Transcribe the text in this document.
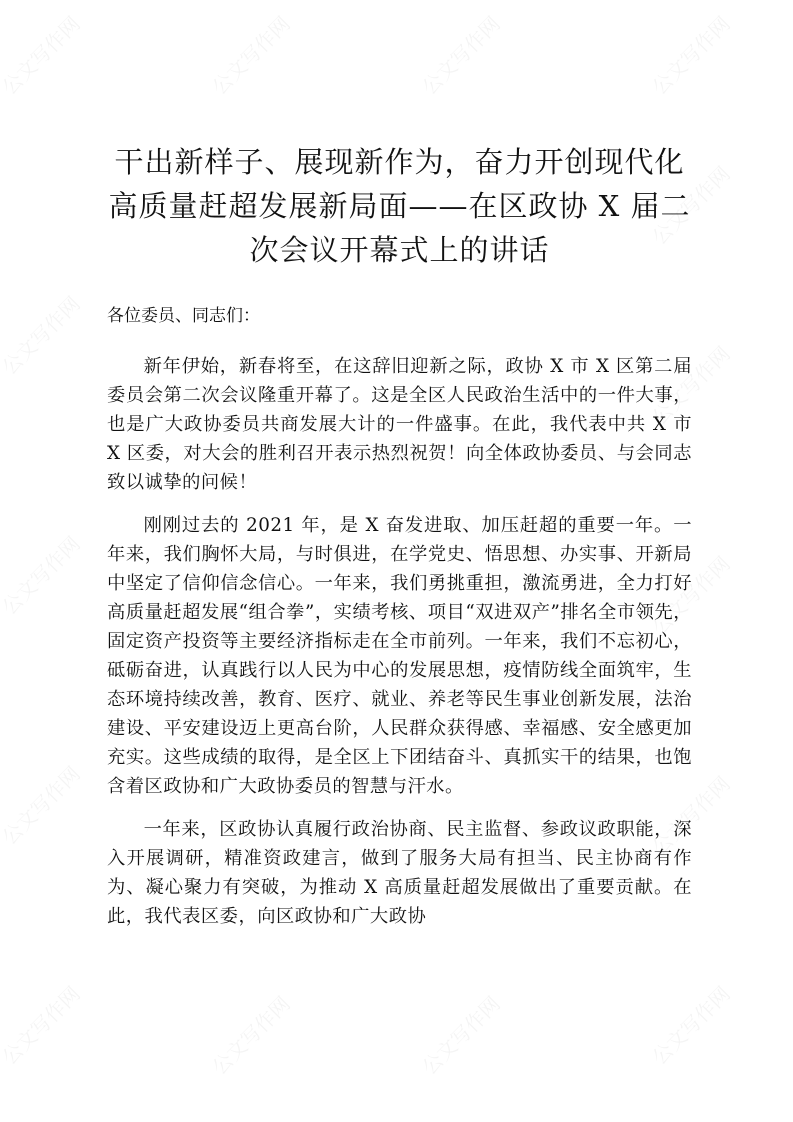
干出新样子、展现新作为，奋力开创现代化高质量赶超发展新局面——在区政协 X 届二次会议开幕式上的讲话

各位委员、同志们：

新年伊始，新春将至，在这辞旧迎新之际，政协 X 市 X 区第二届委员会第二次会议隆重开幕了。这是全区人民政治生活中的一件大事，也是广大政协委员共商发展大计的一件盛事。在此，我代表中共 X 市 X 区委，对大会的胜利召开表示热烈祝贺！向全体政协委员、与会同志致以诚挚的问候！

刚刚过去的 2021 年，是 X 奋发进取、加压赶超的重要一年。一年来，我们胸怀大局，与时俱进，在学党史、悟思想、办实事、开新局中坚定了信仰信念信心。一年来，我们勇挑重担，激流勇进，全力打好高质量赶超发展“组合拳”，实绩考核、项目“双进双产”排名全市领先，固定资产投资等主要经济指标走在全市前列。一年来，我们不忘初心，砥砺奋进，认真践行以人民为中心的发展思想，疫情防线全面筑牢，生态环境持续改善，教育、医疗、就业、养老等民生事业创新发展，法治建设、平安建设迈上更高台阶，人民群众获得感、幸福感、安全感更加充实。这些成绩的取得，是全区上下团结奋斗、真抓实干的结果，也饱含着区政协和广大政协委员的智慧与汗水。

一年来，区政协认真履行政治协商、民主监督、参政议政职能，深入开展调研，精准资政建言，做到了服务大局有担当、民主协商有作为、凝心聚力有突破，为推动 X 高质量赶超发展做出了重要贡献。在此，我代表区委，向区政协和广大政协
